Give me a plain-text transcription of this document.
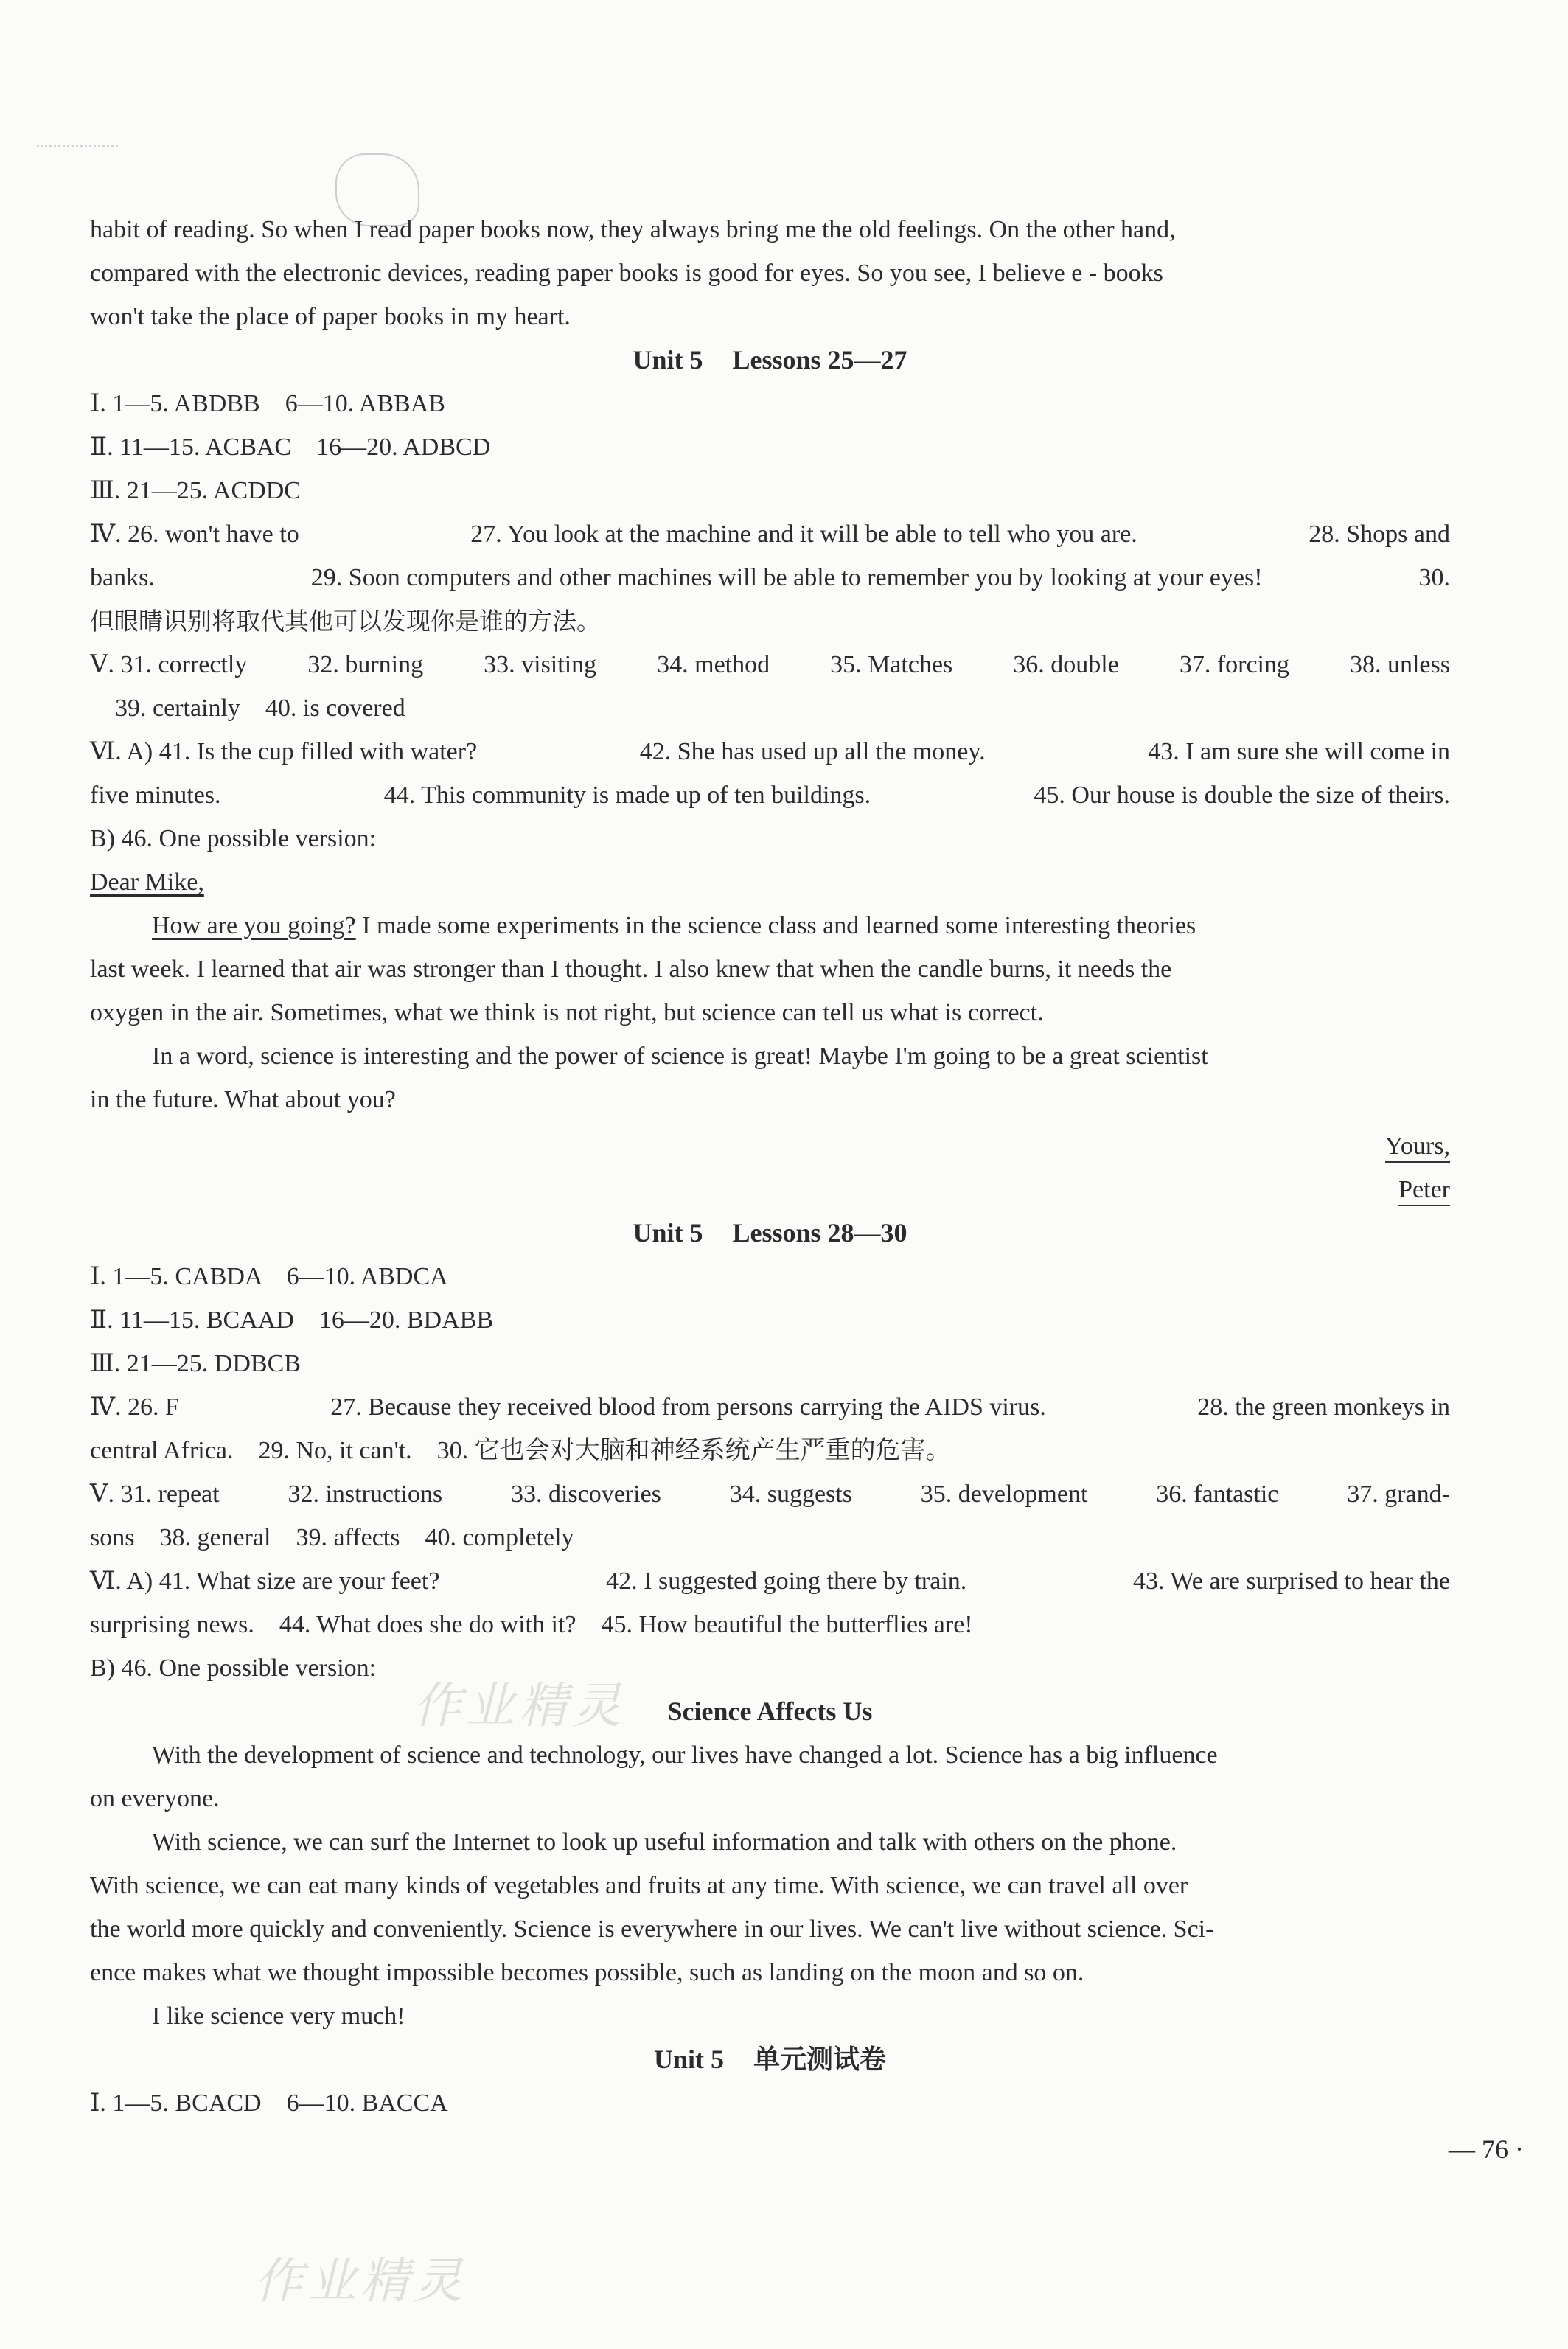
habit of reading. So when I read paper books now, they always bring me the old feelings. On the other hand,
compared with the electronic devices, reading paper books is good for eyes. So you see, I believe e - books
won't take the place of paper books in my heart.
Unit 5 Lessons 25—27
Ⅰ. 1—5. ABDBB    6—10. ABBAB
Ⅱ. 11—15. ACBAC    16—20. ADBCD
Ⅲ. 21—25. ACDDC
Ⅳ. 26. won't have to	27. You look at the machine and it will be able to tell who you are.	28. Shops and
banks.	29. Soon computers and other machines will be able to remember you by looking at your eyes!	30.
但眼睛识别将取代其他可以发现你是谁的方法。
Ⅴ. 31. correctly 32. burning 33. visiting 34. method 35. Matches 36. double 37. forcing 38. unless
39. certainly    40. is covered
Ⅵ. A) 41. Is the cup filled with water?	42. She has used up all the money.	43. I am sure she will come in
five minutes.	44. This community is made up of ten buildings.	45. Our house is double the size of theirs.
B) 46. One possible version:
Dear Mike,
How are you going? I made some experiments in the science class and learned some interesting theories
last week. I learned that air was stronger than I thought. I also knew that when the candle burns, it needs the
oxygen in the air. Sometimes, what we think is not right, but science can tell us what is correct.
In a word, science is interesting and the power of science is great! Maybe I'm going to be a great scientist
in the future. What about you?
Yours,
Peter
Unit 5 Lessons 28—30
Ⅰ. 1—5. CABDA    6—10. ABDCA
Ⅱ. 11—15. BCAAD    16—20. BDABB
Ⅲ. 21—25. DDBCB
Ⅳ. 26. F	27. Because they received blood from persons carrying the AIDS virus.	28. the green monkeys in
central Africa.    29. No, it can't.    30. 它也会对大脑和神经系统产生严重的危害。
Ⅴ. 31. repeat	32. instructions	33. discoveries	34. suggests	35. development	36. fantastic	37. grand-
sons    38. general    39. affects    40. completely
Ⅵ. A) 41. What size are your feet?	42. I suggested going there by train.	43. We are surprised to hear the
surprising news.    44. What does she do with it?    45. How beautiful the butterflies are!
B) 46. One possible version:
Science Affects Us
With the development of science and technology, our lives have changed a lot. Science has a big influence
on everyone.
With science, we can surf the Internet to look up useful information and talk with others on the phone.
With science, we can eat many kinds of vegetables and fruits at any time. With science, we can travel all over
the world more quickly and conveniently. Science is everywhere in our lives. We can't live without science. Sci-
ence makes what we thought impossible becomes possible, such as landing on the moon and so on.
I like science very much!
Unit 5 单元测试卷
Ⅰ. 1—5. BCACD    6—10. BACCA
作业精灵
作业精灵
— 76 ·
